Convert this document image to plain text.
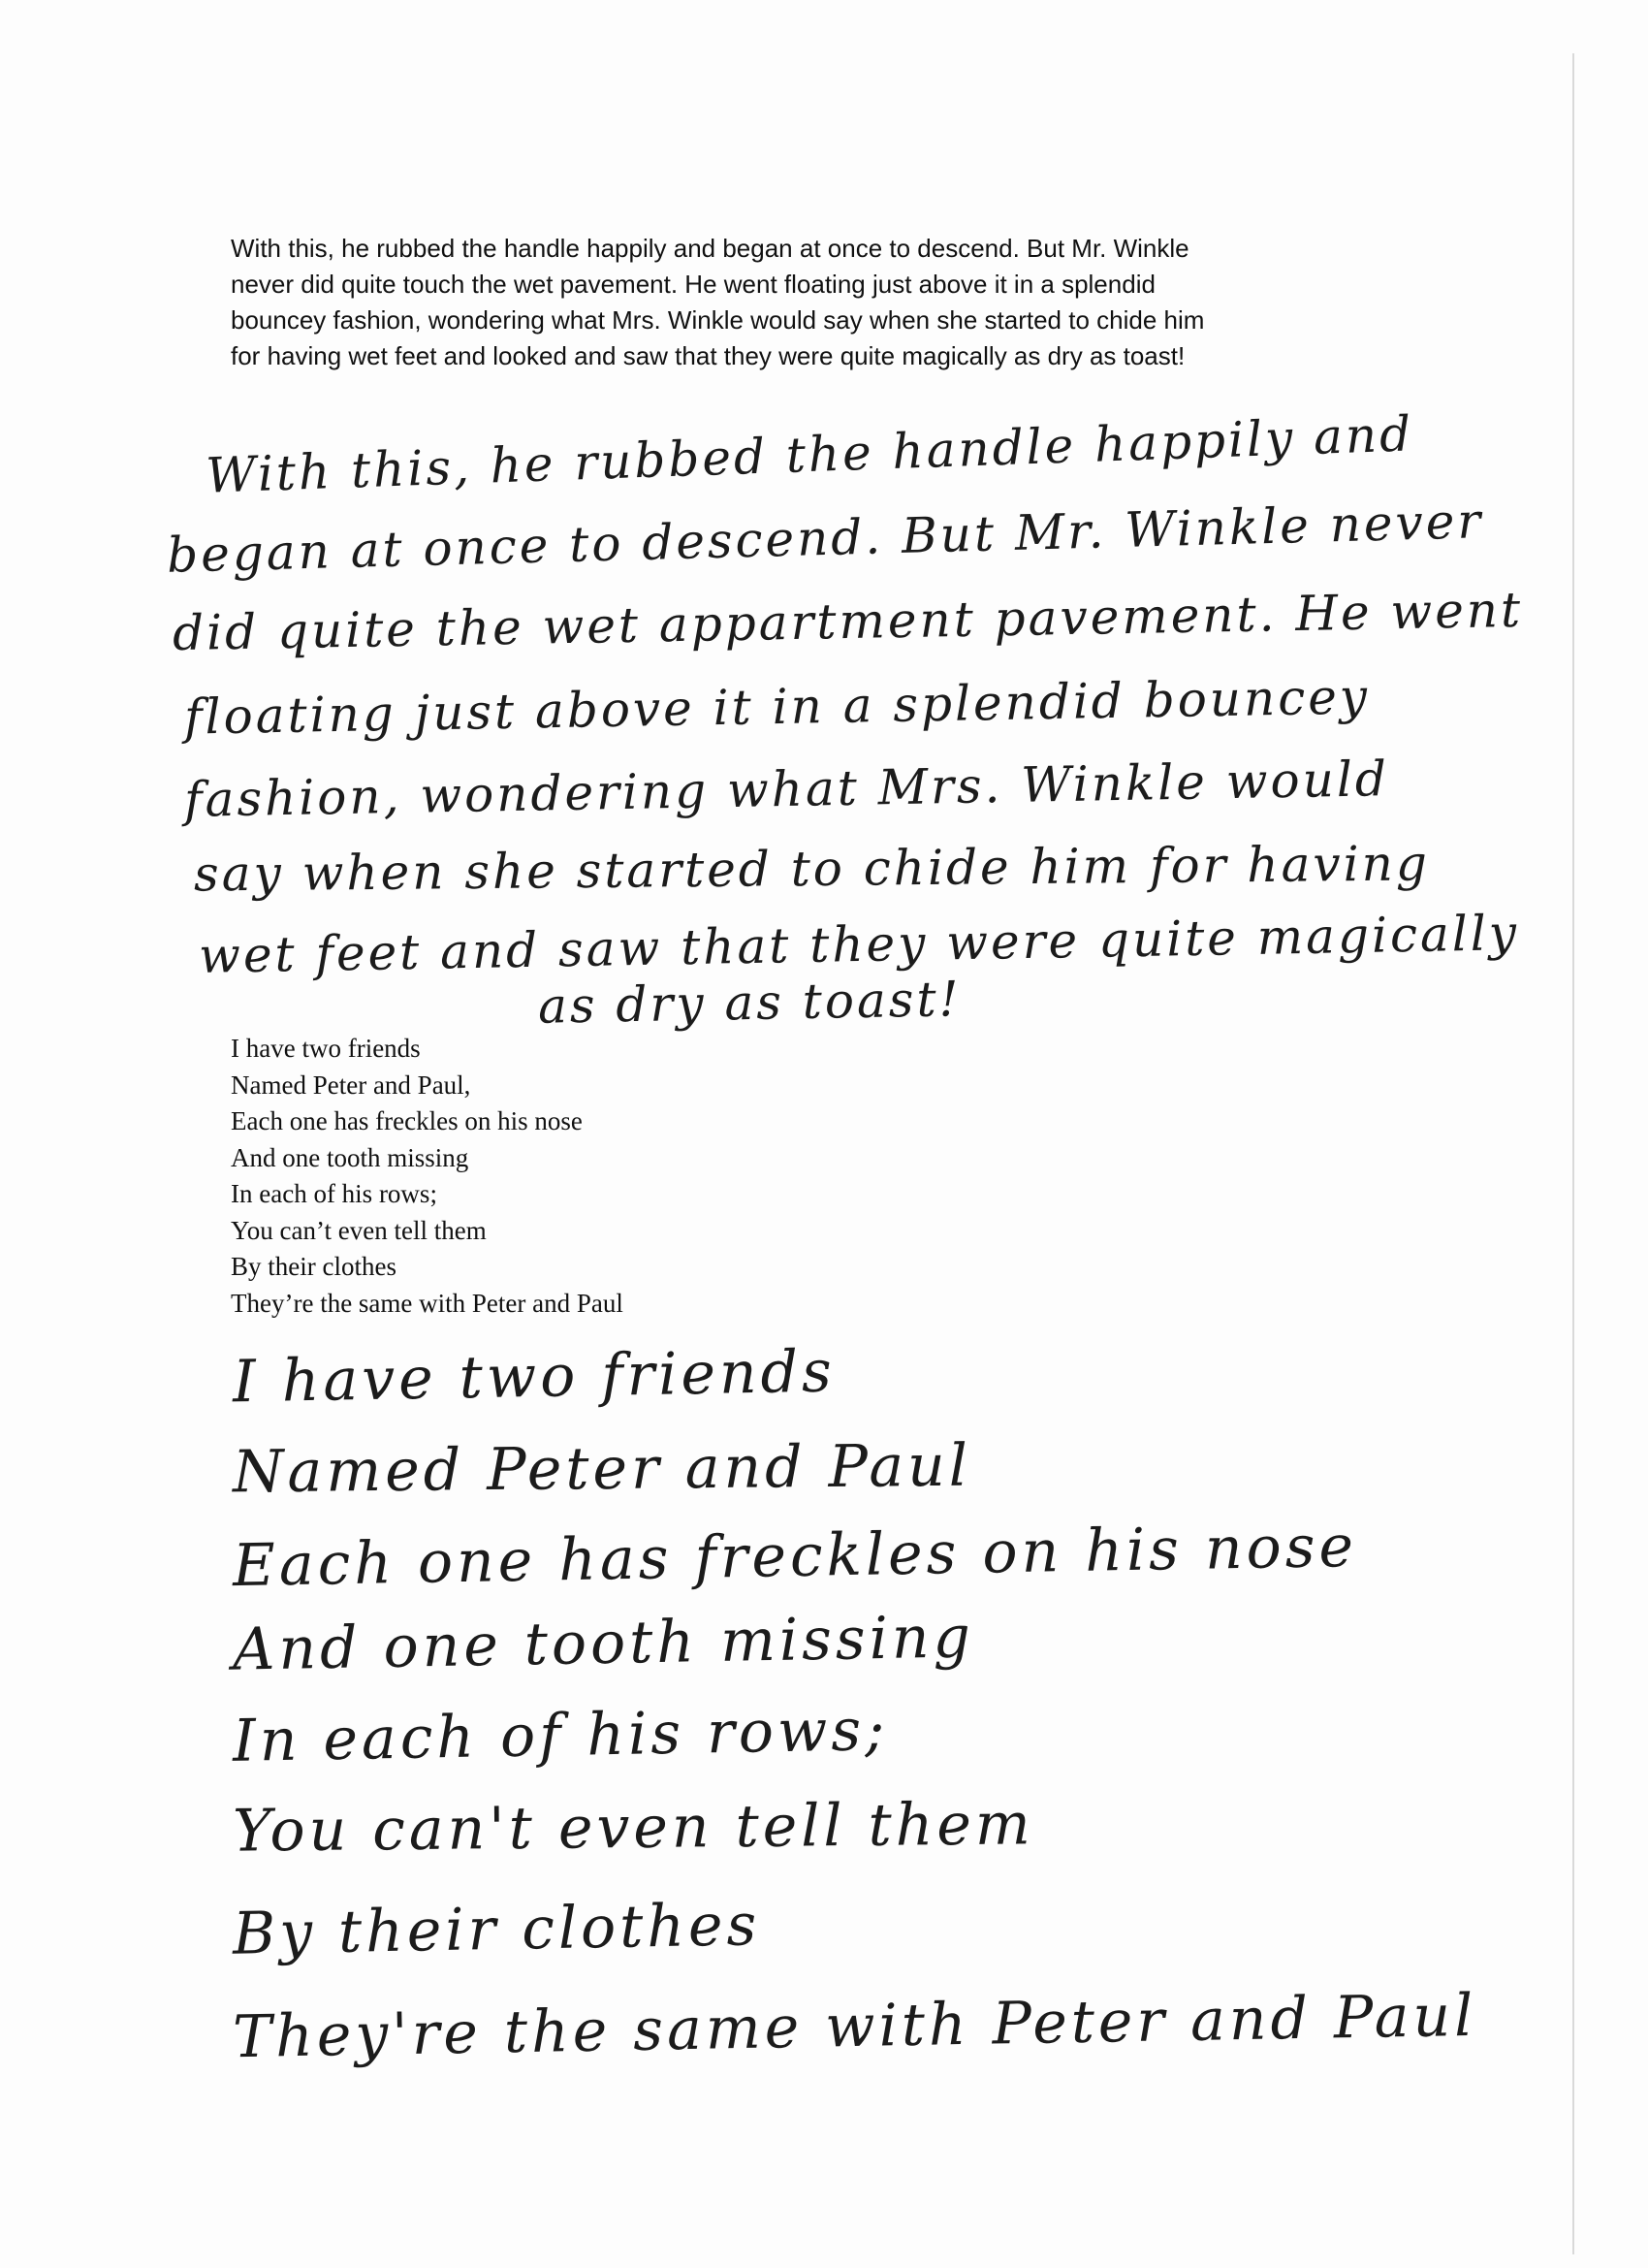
With this, he rubbed the handle happily and began at once to descend. But Mr. Winkle
never did quite touch the wet pavement. He went floating just above it in a splendid
bouncey fashion, wondering what Mrs. Winkle would say when she started to chide him
for having wet feet and looked and saw that they were quite magically as dry as toast!
With this, he rubbed the handle happily and
began at once to descend. But Mr. Winkle never
did quite the wet appartment pavement. He went
floating just above it in a splendid bouncey
fashion, wondering what Mrs. Winkle would
say when she started to chide him for having
wet feet and saw that they were quite magically
as dry as toast!
I have two friends
Named Peter and Paul,
Each one has freckles on his nose
And one tooth missing
In each of his rows;
You can’t even tell them
By their clothes
They’re the same with Peter and Paul
I have two friends
Named Peter and Paul
Each one has freckles on his nose
And one tooth missing
In each of his rows;
You can't even tell them
By their clothes
They're the same with Peter and Paul
